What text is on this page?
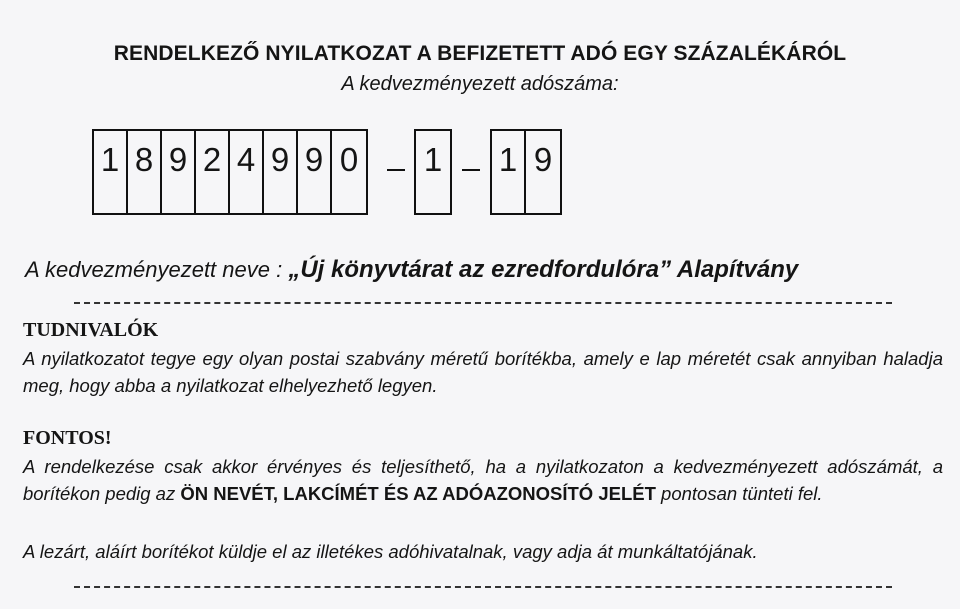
RENDELKEZŐ NYILATKOZAT A BEFIZETETT ADÓ EGY SZÁZALÉKÁRÓL
A kedvezményezett adószáma:
1 8 9 2 4 9 9 0 1 1 9
A kedvezményezett neve : „Új könyvtárat az ezredfordulóra” Alapítvány
TUDNIVALÓK
A nyilatkozatot tegye egy olyan postai szabvány méretű borítékba, amely e lap méretét csak annyiban haladja meg, hogy abba a nyilatkozat elhelyezhető legyen.
FONTOS!
A rendelkezése csak akkor érvényes és teljesíthető, ha a nyilatkozaton a kedvezményezett adószámát, a borítékon pedig az ÖN NEVÉT, LAKCÍMÉT ÉS AZ ADÓAZONOSÍTÓ JELÉT pontosan tünteti fel.
A lezárt, aláírt borítékot küldje el az illetékes adóhivatalnak, vagy adja át munkáltatójának.
